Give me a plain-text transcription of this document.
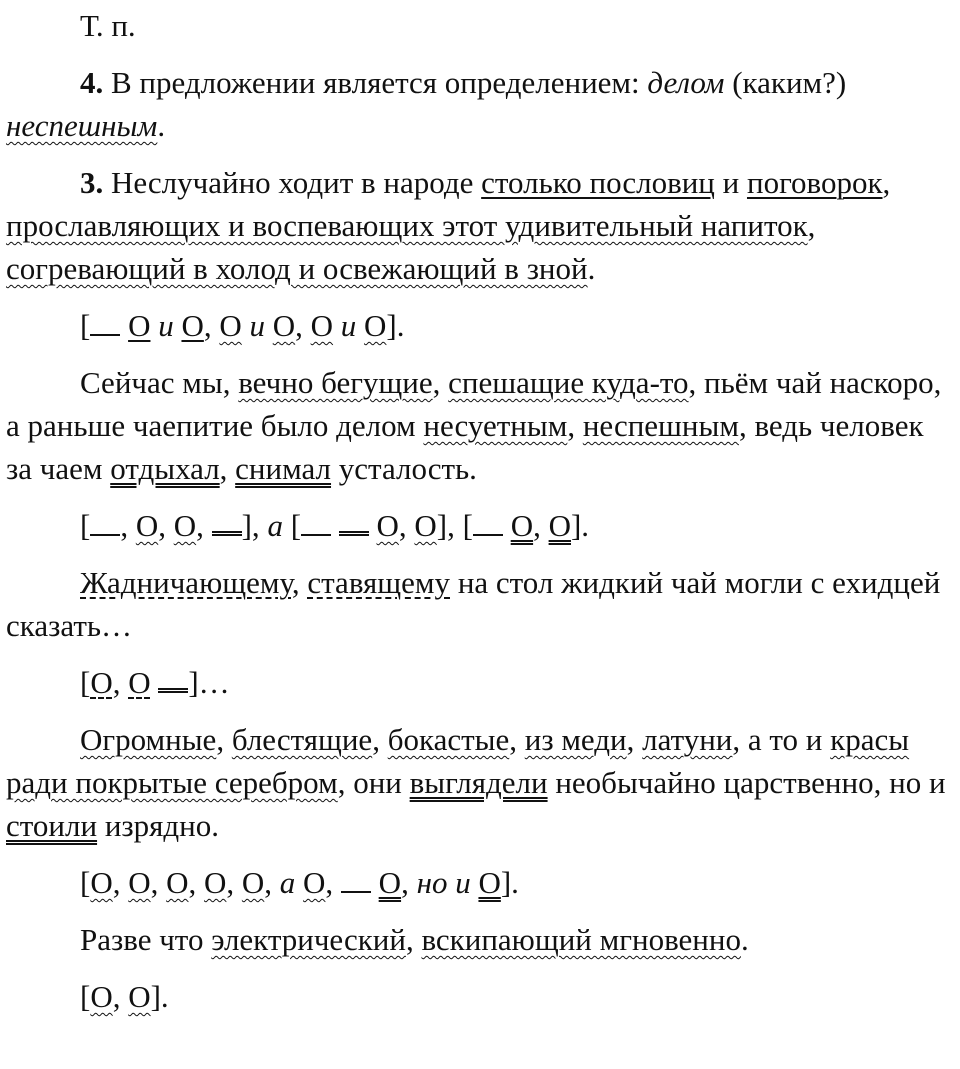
Т. п.

4. В предложении является определением: делом (каким?) неспешным.

3. Неслучайно ходит в народе столько пословиц и поговорок, прославляющих и воспевающих этот удивительный напиток, согревающий в холод и освежающий в зной.

[ О и О, О и О, О и О].

Сейчас мы, вечно бегущие, спешащие куда-то, пьём чай наскоро, а раньше чаепитие было делом несуетным, неспешным, ведь человек за чаем отдыхал, снимал усталость.

[ , О, О, ], а [ О, О], [ О, О].

Жадничающему, ставящему на стол жидкий чай могли с ехидцей сказать…

[О, О ]…

Огромные, блестящие, бокастые, из меди, латуни, а то и красы ради покрытые серебром, они выглядели необычайно царственно, но и стоили изрядно.

[О, О, О, О, О, а О,  О, но и О].

Разве что электрический, вскипающий мгновенно.

[О, О].
